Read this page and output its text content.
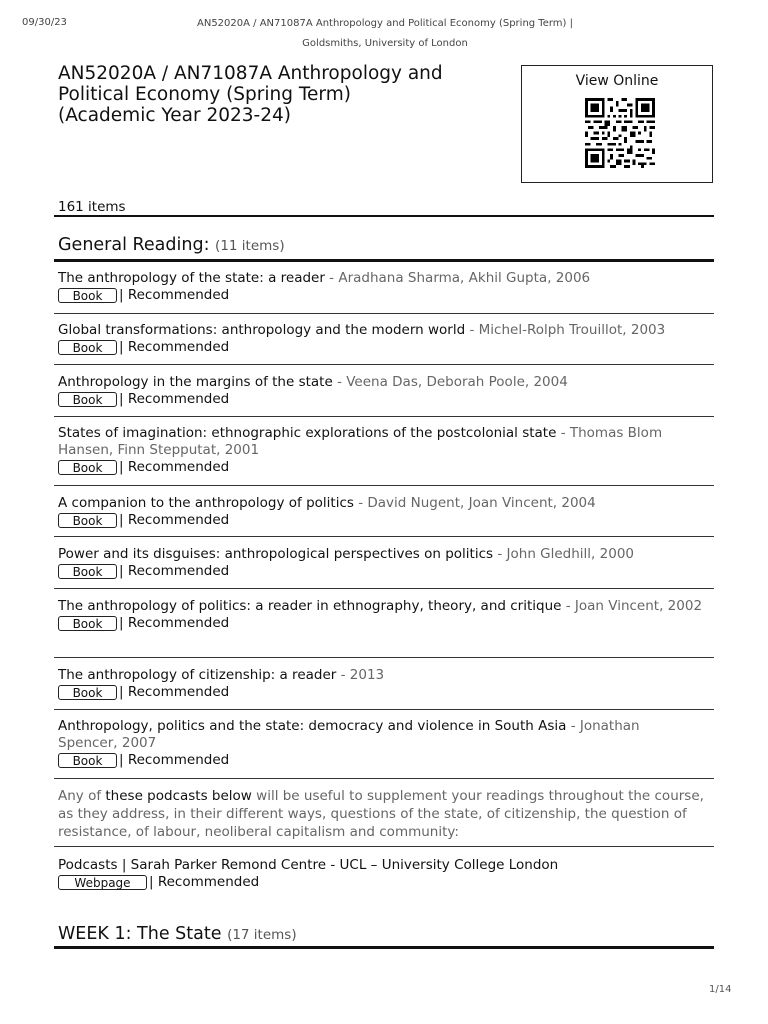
09/30/23	AN52020A / AN71087A Anthropology and Political Economy (Spring Term) |
Goldsmiths, University of London
AN52020A / AN71087A Anthropology and
Political Economy (Spring Term)
(Academic Year 2023-24)
View Online
161 items
General Reading: (11 items)
The anthropology of the state: a reader - Aradhana Sharma, Akhil Gupta, 2006
Book	| Recommended
Global transformations: anthropology and the modern world - Michel-Rolph Trouillot, 2003
Book	| Recommended
Anthropology in the margins of the state - Veena Das, Deborah Poole, 2004
Book	| Recommended
States of imagination: ethnographic explorations of the postcolonial state - Thomas Blom Hansen, Finn Stepputat, 2001
Book	| Recommended
A companion to the anthropology of politics - David Nugent, Joan Vincent, 2004
Book	| Recommended
Power and its disguises: anthropological perspectives on politics - John Gledhill, 2000
Book	| Recommended
The anthropology of politics: a reader in ethnography, theory, and critique - Joan Vincent, 2002
Book	| Recommended
The anthropology of citizenship: a reader - 2013
Book	| Recommended
Anthropology, politics and the state: democracy and violence in South Asia - Jonathan Spencer, 2007
Book	| Recommended
Any of these podcasts below will be useful to supplement your readings throughout the course, as they address, in their different ways, questions of the state, of citizenship, the question of resistance, of labour, neoliberal capitalism and community:
Podcasts | Sarah Parker Remond Centre - UCL – University College London
Webpage	| Recommended
WEEK 1: The State (17 items)
1/14
